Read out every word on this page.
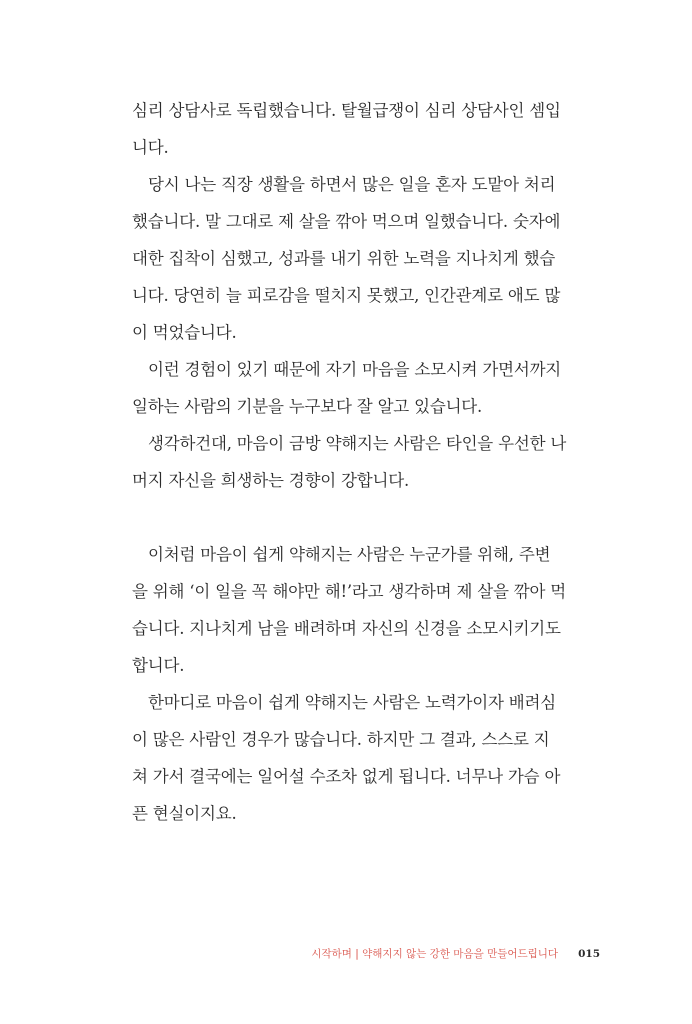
심리 상담사로 독립했습니다. 탈월급쟁이 심리 상담사인 셈입
니다.
당시 나는 직장 생활을 하면서 많은 일을 혼자 도맡아 처리
했습니다. 말 그대로 제 살을 깎아 먹으며 일했습니다. 숫자에
대한 집착이 심했고, 성과를 내기 위한 노력을 지나치게 했습
니다. 당연히 늘 피로감을 떨치지 못했고, 인간관계로 애도 많
이 먹었습니다.
이런 경험이 있기 때문에 자기 마음을 소모시켜 가면서까지
일하는 사람의 기분을 누구보다 잘 알고 있습니다.
생각하건대, 마음이 금방 약해지는 사람은 타인을 우선한 나
머지 자신을 희생하는 경향이 강합니다.
이처럼 마음이 쉽게 약해지는 사람은 누군가를 위해, 주변
을 위해 ‘이 일을 꼭 해야만 해!’라고 생각하며 제 살을 깎아 먹
습니다. 지나치게 남을 배려하며 자신의 신경을 소모시키기도
합니다.
한마디로 마음이 쉽게 약해지는 사람은 노력가이자 배려심
이 많은 사람인 경우가 많습니다. 하지만 그 결과, 스스로 지
쳐 가서 결국에는 일어설 수조차 없게 됩니다. 너무나 가슴 아
픈 현실이지요.
시작하며 | 약해지지 않는 강한 마음을 만들어드립니다 015
